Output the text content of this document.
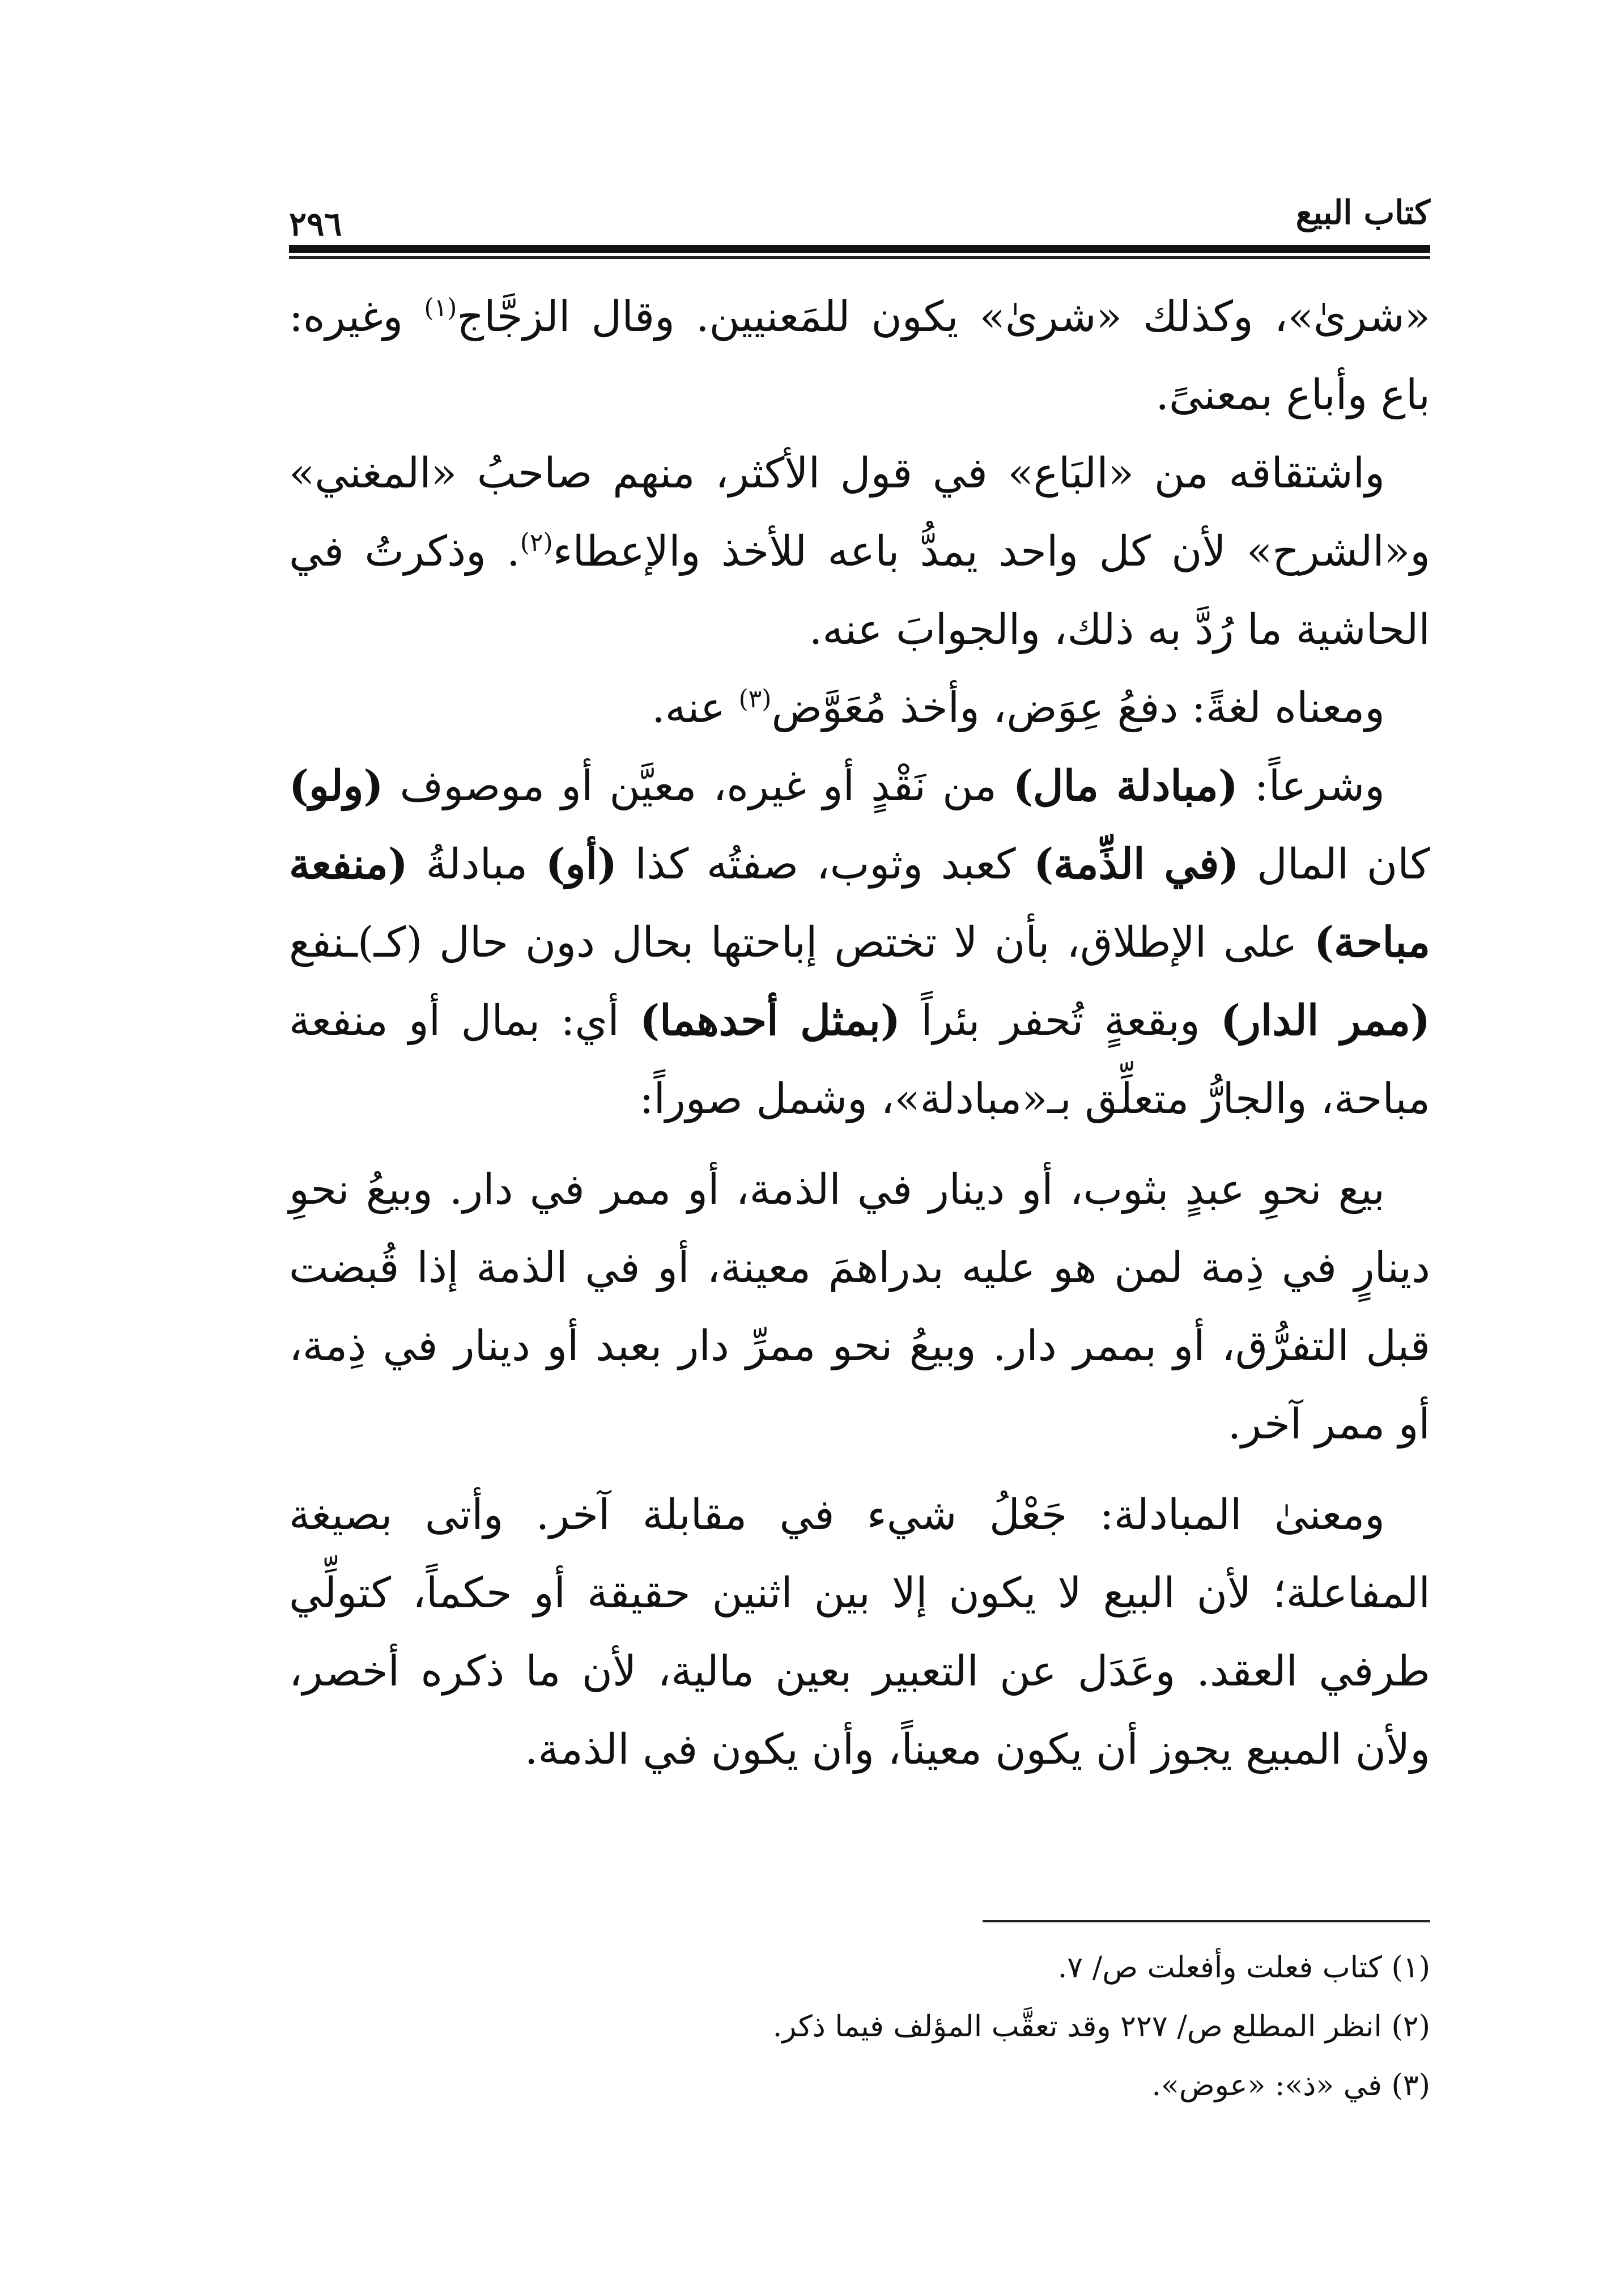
كتاب البيع
٢٩٦

«شرىٰ»، وكذلك «شرىٰ» يكون للمَعنيين. وقال الزجَّاج$^{(١)}$ وغيره: باع وأباع بمعنىً.

واشتقاقه من «البَاع» في قول الأكثر، منهم صاحبُ «المغني» و«الشرح» لأن كل واحد يمدُّ باعه للأخذ والإعطاء$^{(٢)}$. وذكرتُ في الحاشية ما رُدَّ به ذلك، والجوابَ عنه.

ومعناه لغةً: دفعُ عِوَض، وأخذ مُعَوَّض$^{(٣)}$ عنه.

وشرعاً: (مبادلة مال) من نَقْدٍ أو غيره، معيَّن أو موصوف (ولو) كان المال (في الذِّمة) كعبد وثوب، صفتُه كذا (أو) مبادلةُ (منفعة مباحة) على الإطلاق، بأن لا تختص إباحتها بحال دون حال (كـ)ـنفع (ممر الدار) وبقعةٍ تُحفر بئراً (بمثل أحدهما) أي: بمال أو منفعة مباحة، والجارُّ متعلِّق بـ«مبادلة»، وشمل صوراً:

بيع نحوِ عبدٍ بثوب، أو دينار في الذمة، أو ممر في دار. وبيعُ نحوِ دينارٍ في ذِمة لمن هو عليه بدراهمَ معينة، أو في الذمة إذا قُبضت قبل التفرُّق، أو بممر دار. وبيعُ نحو ممرِّ دار بعبد أو دينار في ذِمة، أو ممر آخر.

ومعنىٰ المبادلة: جَعْلُ شيء في مقابلة آخر. وأتى بصيغة المفاعلة؛ لأن البيع لا يكون إلا بين اثنين حقيقة أو حكماً، كتولِّي طرفي العقد. وعَدَل عن التعبير بعين مالية، لأن ما ذكره أخصر، ولأن المبيع يجوز أن يكون معيناً، وأن يكون في الذمة.

(١) كتاب فعلت وأفعلت ص/ ٧.

(٢) انظر المطلع ص/ ٢٢٧ وقد تعقَّب المؤلف فيما ذكر.

(٣) في «ذ»: «عوض».
